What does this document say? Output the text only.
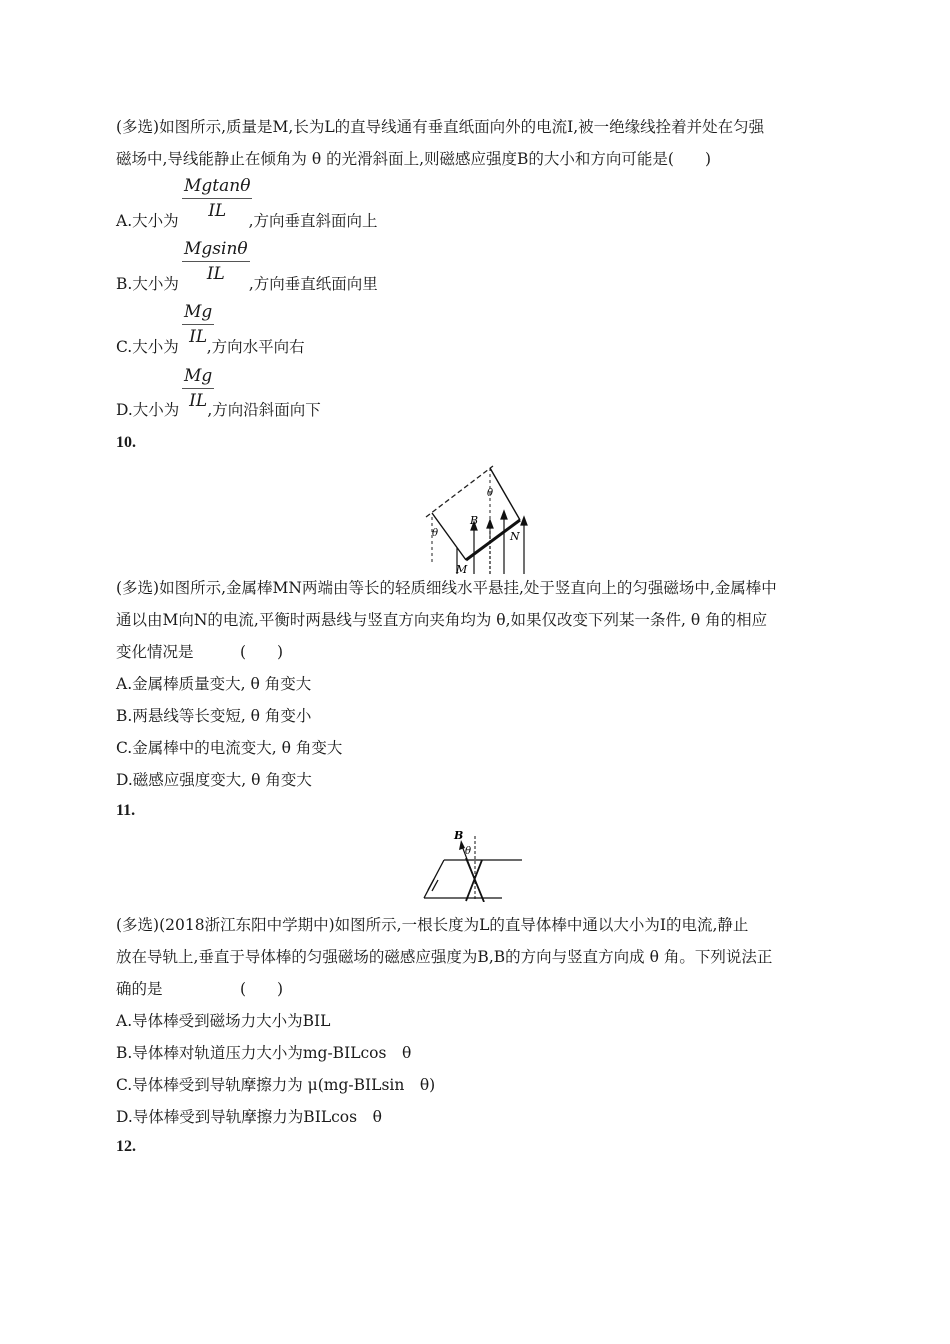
(多选)如图所示,质量是M,长为L的直导线通有垂直纸面向外的电流I,被一绝缘线拴着并处在匀强
磁场中,导线能静止在倾角为 θ 的光滑斜面上,则磁感应强度B的大小和方向可能是(　　)
$\frac{Mgtan\theta}{IL}$
A.大小为	,方向垂直斜面向上
$\frac{Mgsin\theta}{IL}$
B.大小为	,方向垂直纸面向里
$\frac{Mg}{IL}$
C.大小为 ,方向水平向右
$\frac{Mg}{IL}$
D.大小为 ,方向沿斜面向下
10.
θ
θ
B
M
N
(多选)如图所示,金属棒MN两端由等长的轻质细线水平悬挂,处于竖直向上的匀强磁场中,金属棒中
通以由M向N的电流,平衡时两悬线与竖直方向夹角均为 θ,如果仅改变下列某一条件, θ 角的相应
变化情况是　　　(　　)
A.金属棒质量变大, θ 角变大
B.两悬线等长变短, θ 角变小
C.金属棒中的电流变大, θ 角变大
D.磁感应强度变大, θ 角变大
11.
B
θ
(多选)(2018浙江东阳中学期中)如图所示,一根长度为L的直导体棒中通以大小为I的电流,静止
放在导轨上,垂直于导体棒的匀强磁场的磁感应强度为B,B的方向与竖直方向成 θ 角。下列说法正
确的是　　　　　(　　)
A.导体棒受到磁场力大小为BIL
B.导体棒对轨道压力大小为mg-BILcos　θ
C.导体棒受到导轨摩擦力为 μ(mg-BILsin　θ)
D.导体棒受到导轨摩擦力为BILcos　θ
12.
